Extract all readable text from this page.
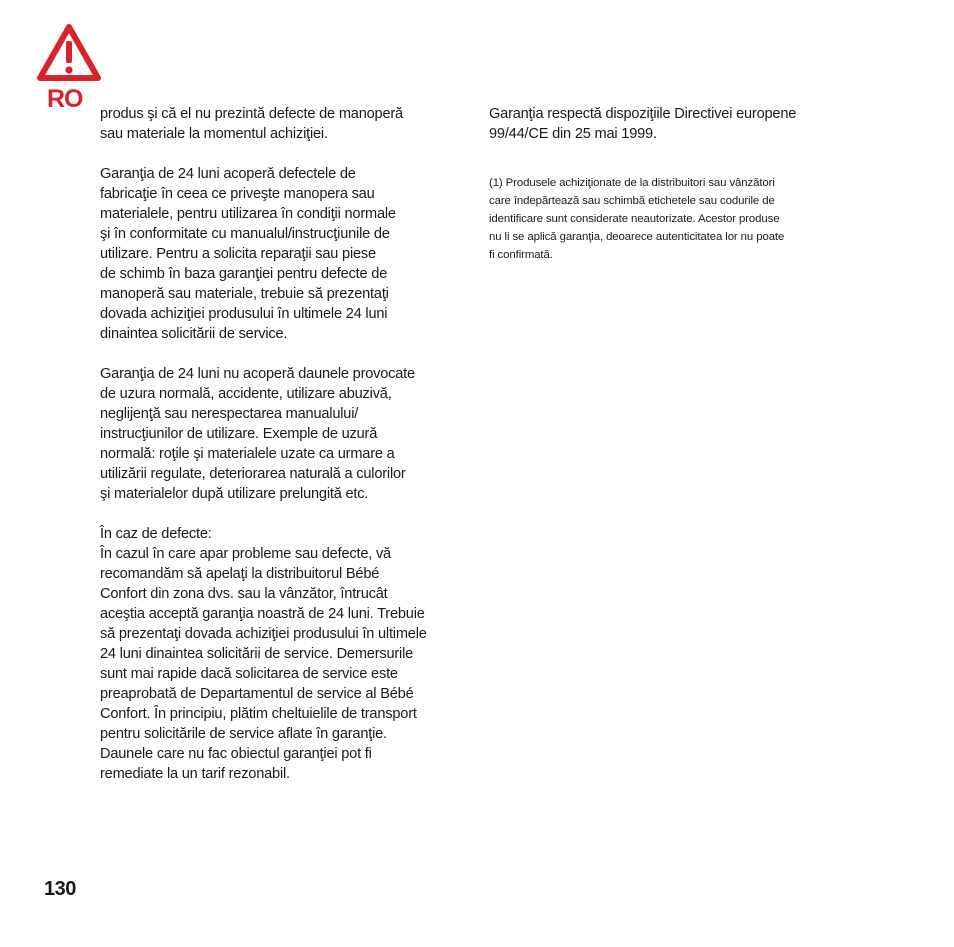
RO

produs şi că el nu prezintă defecte de manoperă
sau materiale la momentul achiziţiei.

Garanţia de 24 luni acoperă defectele de
fabricaţie în ceea ce priveşte manopera sau
materialele, pentru utilizarea în condiţii normale
şi în conformitate cu manualul/instrucţiunile de
utilizare. Pentru a solicita reparaţii sau piese
de schimb în baza garanţiei pentru defecte de
manoperă sau materiale, trebuie să prezentaţi
dovada achiziţiei produsului în ultimele 24 luni
dinaintea solicitării de service.

Garanţia de 24 luni nu acoperă daunele provocate
de uzura normală, accidente, utilizare abuzivă,
neglijenţă sau nerespectarea manualului/
instrucţiunilor de utilizare. Exemple de uzură
normală: roţile şi materialele uzate ca urmare a
utilizării regulate, deteriorarea naturală a culorilor
şi materialelor după utilizare prelungită etc.

În caz de defecte:
În cazul în care apar probleme sau defecte, vă
recomandăm să apelaţi la distribuitorul Bébé
Confort din zona dvs. sau la vânzător, întrucât
aceştia acceptă garanţia noastră de 24 luni. Trebuie
să prezentaţi dovada achiziţiei produsului în ultimele
24 luni dinaintea solicitării de service. Demersurile
sunt mai rapide dacă solicitarea de service este
preaprobată de Departamentul de service al Bébé
Confort. În principiu, plătim cheltuielile de transport
pentru solicitările de service aflate în garanţie.
Daunele care nu fac obiectul garanţiei pot fi
remediate la un tarif rezonabil.

Garanţia respectă dispoziţiile Directivei europene
99/44/CE din 25 mai 1999.

(1) Produsele achiziţionate de la distribuitori sau vânzători
care îndepărtează sau schimbă etichetele sau codurile de
identificare sunt considerate neautorizate. Acestor produse
nu li se aplică garanţia, deoarece autenticitatea lor nu poate
fi confirmată.
130
